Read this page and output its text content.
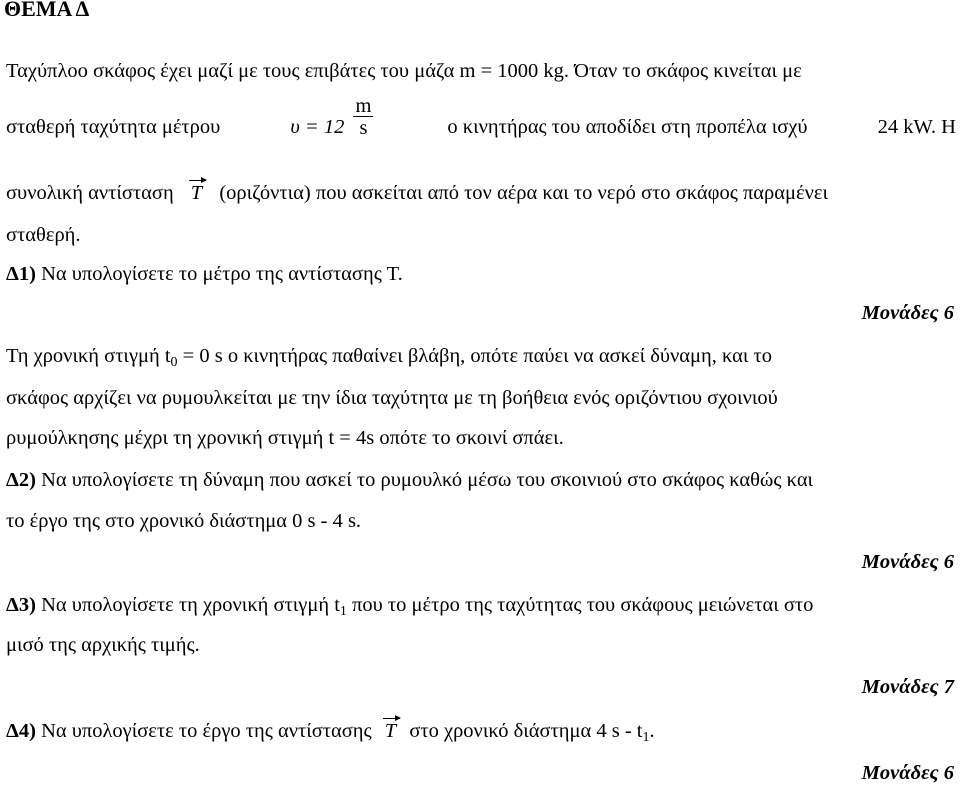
ΘΕΜΑ Δ
Ταχύπλοο σκάφος έχει μαζί με τους επιβάτες του μάζα m = 1000 kg. Όταν το σκάφος κινείται με
σταθερή ταχύτητα μέτρου	$\upsilon = 12 \frac{m}{s}$	ο κινητήρας του αποδίδει στη προπέλα ισχύ	24 kW. Η
συνολική αντίσταση T (οριζόντια) που ασκείται από τον αέρα και το νερό στο σκάφος παραμένει
σταθερή.
Δ1) Να υπολογίσετε το μέτρο της αντίστασης Τ.
Μονάδες 6
Τη χρονική στιγμή $t_0 = 0$ s ο κινητήρας παθαίνει βλάβη, οπότε παύει να ασκεί δύναμη, και το
σκάφος αρχίζει να ρυμουλκείται με την ίδια ταχύτητα με τη βοήθεια ενός οριζόντιου σχοινιού
ρυμούλκησης μέχρι τη χρονική στιγμή t = 4s οπότε το σκοινί σπάει.
Δ2) Να υπολογίσετε τη δύναμη που ασκεί το ρυμουλκό μέσω του σκοινιού στο σκάφος καθώς και
το έργο της στο χρονικό διάστημα 0 s - 4 s.
Μονάδες 6
Δ3) Να υπολογίσετε τη χρονική στιγμή $t_1$ που το μέτρο της ταχύτητας του σκάφους μειώνεται στο
μισό της αρχικής τιμής.
Μονάδες 7
Δ4) Να υπολογίσετε το έργο της αντίστασης T στο χρονικό διάστημα 4 s - $t_1$.
Μονάδες 6
